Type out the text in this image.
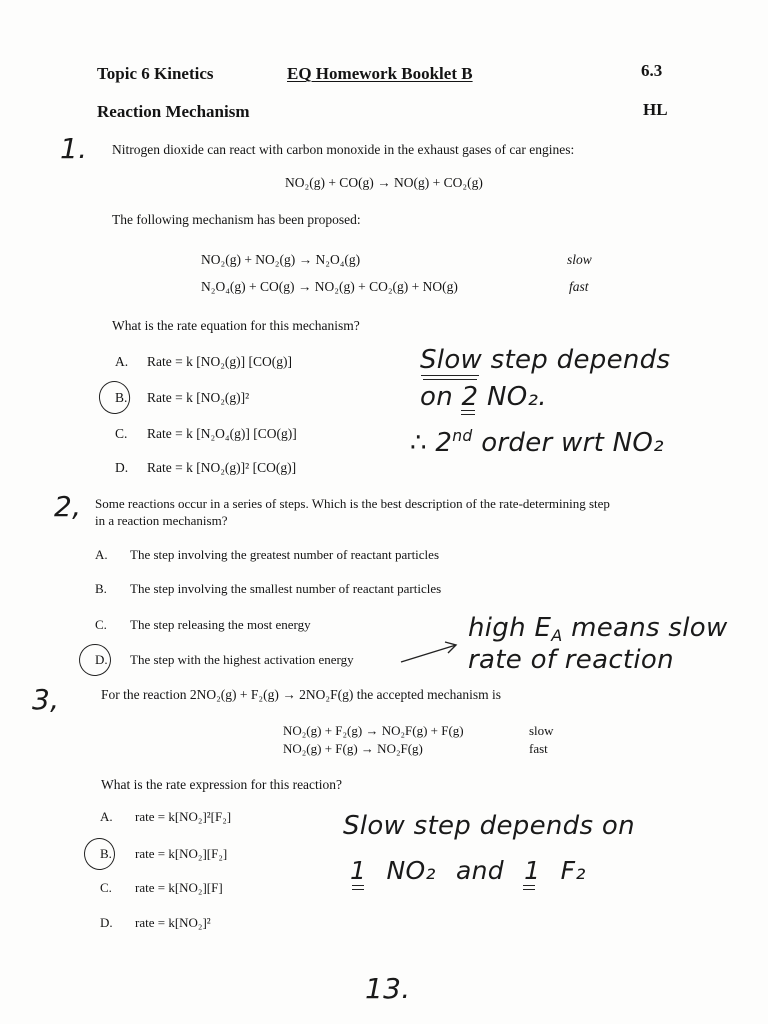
Topic 6 Kinetics	EQ Homework Booklet B	6.3
Reaction Mechanism	HL
1. Nitrogen dioxide can react with carbon monoxide in the exhaust gases of car engines:
NO₂(g) + CO(g) → NO(g) + CO₂(g)
The following mechanism has been proposed:
NO₂(g) + NO₂(g) → N₂O₄(g)	slow
N₂O₄(g) + CO(g) → NO₂(g) + CO₂(g) + NO(g)	fast
What is the rate equation for this mechanism?
A. Rate = k [NO₂(g)] [CO(g)]
B. Rate = k [NO₂(g)]²
C. Rate = k [N₂O₄(g)] [CO(g)]
D. Rate = k [NO₂(g)]² [CO(g)]
Slow step depends
on 2 NO₂.
∴ 2nd order wrt NO₂
2, Some reactions occur in a series of steps. Which is the best description of the rate-determining step
in a reaction mechanism?
A. The step involving the greatest number of reactant particles
B. The step involving the smallest number of reactant particles
C. The step releasing the most energy
D. The step with the highest activation energy
high $E_A$ means slow
rate of reaction
3,	For the reaction 2NO₂(g) + F₂(g) → 2NO₂F(g) the accepted mechanism is
NO₂(g) + F₂(g) → NO₂F(g) + F(g)	slow
NO₂(g) + F(g) → NO₂F(g)	fast
What is the rate expression for this reaction?
A. rate = k[NO₂]²[F₂]
B. rate = k[NO₂][F₂]
C. rate = k[NO₂][F]
D. rate = k[NO₂]²
Slow step depends on
1 NO₂ and 1 F₂
13.
